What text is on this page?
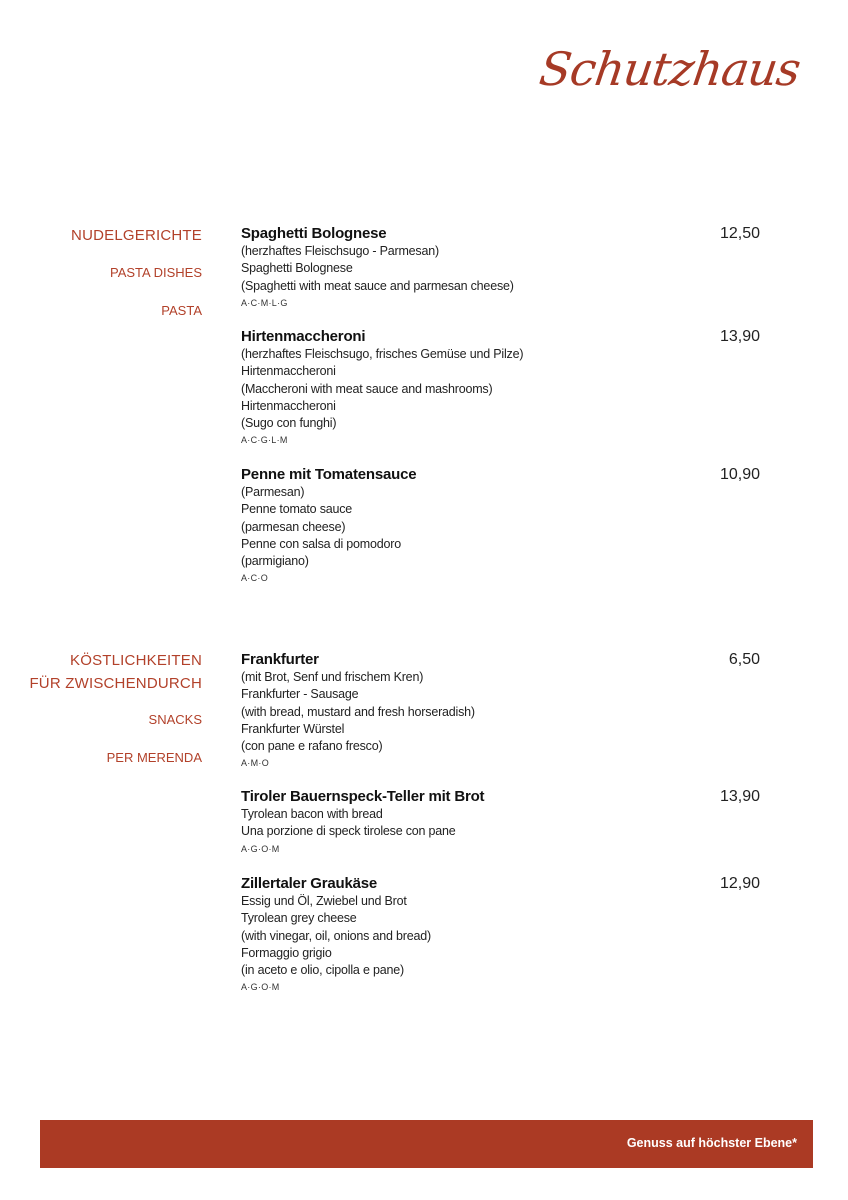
Schutzhaus
NUDELGERICHTE
PASTA DISHES
PASTA
Spaghetti Bolognese
(herzhaftes Fleischsugo - Parmesan)
Spaghetti Bolognese
(Spaghetti with meat sauce and parmesan cheese)
A·C·M·L·G
12,50
Hirtenmaccheroni
(herzhaftes Fleischsugo, frisches Gemüse und Pilze)
Hirtenmaccheroni
(Maccheroni with meat sauce and mashrooms)
Hirtenmaccheroni
(Sugo con funghi)
A·C·G·L·M
13,90
Penne mit Tomatensauce
(Parmesan)
Penne tomato sauce
(parmesan cheese)
Penne con salsa di pomodoro
(parmigiano)
A·C·O
10,90
KÖSTLICHKEITEN
FÜR ZWISCHENDURCH
SNACKS
PER MERENDA
Frankfurter
(mit Brot, Senf und frischem Kren)
Frankfurter - Sausage
(with bread, mustard and fresh horseradish)
Frankfurter Würstel
(con pane e rafano fresco)
A·M·O
6,50
Tiroler Bauernspeck-Teller mit Brot
Tyrolean bacon with bread
Una porzione di speck tirolese con pane
A·G·O·M
13,90
Zillertaler Graukäse
Essig und Öl, Zwiebel und Brot
Tyrolean grey cheese
(with vinegar, oil, onions and bread)
Formaggio grigio
(in aceto e olio, cipolla e pane)
A·G·O·M
12,90
Genuss auf höchster Ebene*
